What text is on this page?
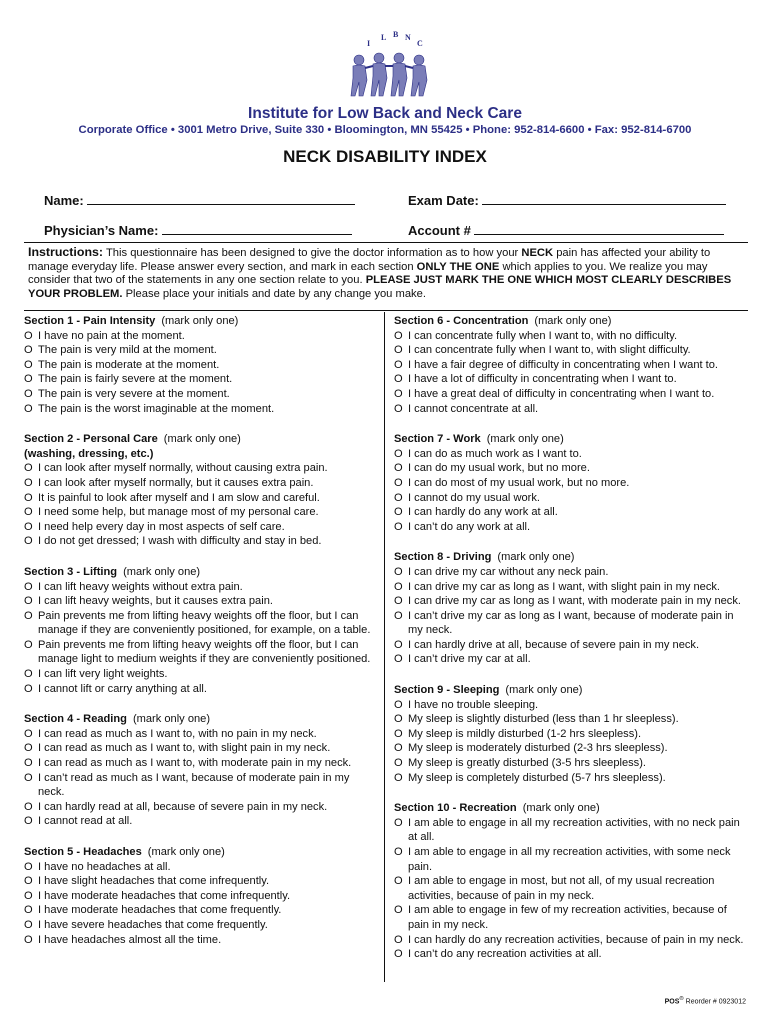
I
L B N
C
Institute for Low Back and Neck Care
Corporate Office • 3001 Metro Drive, Suite 330 • Bloomington, MN 55425 • Phone: 952-814-6600 • Fax: 952-814-6700
NECK DISABILITY INDEX
Name:	Exam Date:
Physician’s Name:	Account #
Instructions: This questionnaire has been designed to give the doctor information as to how your NECK pain has affected your ability to manage everyday life. Please answer every section, and mark in each section ONLY THE ONE which applies to you. We realize you may consider that two of the statements in any one section relate to you. PLEASE JUST MARK THE ONE WHICH MOST CLEARLY DESCRIBES YOUR PROBLEM. Please place your initials and date by any change you make.
Section 1 - Pain Intensity (mark only one)
O I have no pain at the moment.
O The pain is very mild at the moment.
O The pain is moderate at the moment.
O The pain is fairly severe at the moment.
O The pain is very severe at the moment.
O The pain is the worst imaginable at the moment.
Section 2 - Personal Care (mark only one)
(washing, dressing, etc.)
O I can look after myself normally, without causing extra pain.
O I can look after myself normally, but it causes extra pain.
O It is painful to look after myself and I am slow and careful.
O I need some help, but manage most of my personal care.
O I need help every day in most aspects of self care.
O I do not get dressed; I wash with difficulty and stay in bed.
Section 3 - Lifting (mark only one)
O I can lift heavy weights without extra pain.
O I can lift heavy weights, but it causes extra pain.
O Pain prevents me from lifting heavy weights off the floor, but I can manage if they are conveniently positioned, for example, on a table.
O Pain prevents me from lifting heavy weights off the floor, but I can manage light to medium weights if they are conveniently positioned.
O I can lift very light weights.
O I cannot lift or carry anything at all.
Section 4 - Reading (mark only one)
O I can read as much as I want to, with no pain in my neck.
O I can read as much as I want to, with slight pain in my neck.
O I can read as much as I want to, with moderate pain in my neck.
O I can’t read as much as I want, because of moderate pain in my neck.
O I can hardly read at all, because of severe pain in my neck.
O I cannot read at all.
Section 5 - Headaches (mark only one)
O I have no headaches at all.
O I have slight headaches that come infrequently.
O I have moderate headaches that come infrequently.
O I have moderate headaches that come frequently.
O I have severe headaches that come frequently.
O I have headaches almost all the time.
Section 6 - Concentration (mark only one)
O I can concentrate fully when I want to, with no difficulty.
O I can concentrate fully when I want to, with slight difficulty.
O I have a fair degree of difficulty in concentrating when I want to.
O I have a lot of difficulty in concentrating when I want to.
O I have a great deal of difficulty in concentrating when I want to.
O I cannot concentrate at all.
Section 7 - Work (mark only one)
O I can do as much work as I want to.
O I can do my usual work, but no more.
O I can do most of my usual work, but no more.
O I cannot do my usual work.
O I can hardly do any work at all.
O I can’t do any work at all.
Section 8 - Driving (mark only one)
O I can drive my car without any neck pain.
O I can drive my car as long as I want, with slight pain in my neck.
O I can drive my car as long as I want, with moderate pain in my neck.
O I can’t drive my car as long as I want, because of moderate pain in my neck.
O I can hardly drive at all, because of severe pain in my neck.
O I can’t drive my car at all.
Section 9 - Sleeping (mark only one)
O I have no trouble sleeping.
O My sleep is slightly disturbed (less than 1 hr sleepless).
O My sleep is mildly disturbed (1-2 hrs sleepless).
O My sleep is moderately disturbed (2-3 hrs sleepless).
O My sleep is greatly disturbed (3-5 hrs sleepless).
O My sleep is completely disturbed (5-7 hrs sleepless).
Section 10 - Recreation (mark only one)
O I am able to engage in all my recreation activities, with no neck pain at all.
O I am able to engage in all my recreation activities, with some neck pain.
O I am able to engage in most, but not all, of my usual recreation activities, because of pain in my neck.
O I am able to engage in few of my recreation activities, because of pain in my neck.
O I can hardly do any recreation activities, because of pain in my neck.
O I can’t do any recreation activities at all.
POS® Reorder # 0923012
